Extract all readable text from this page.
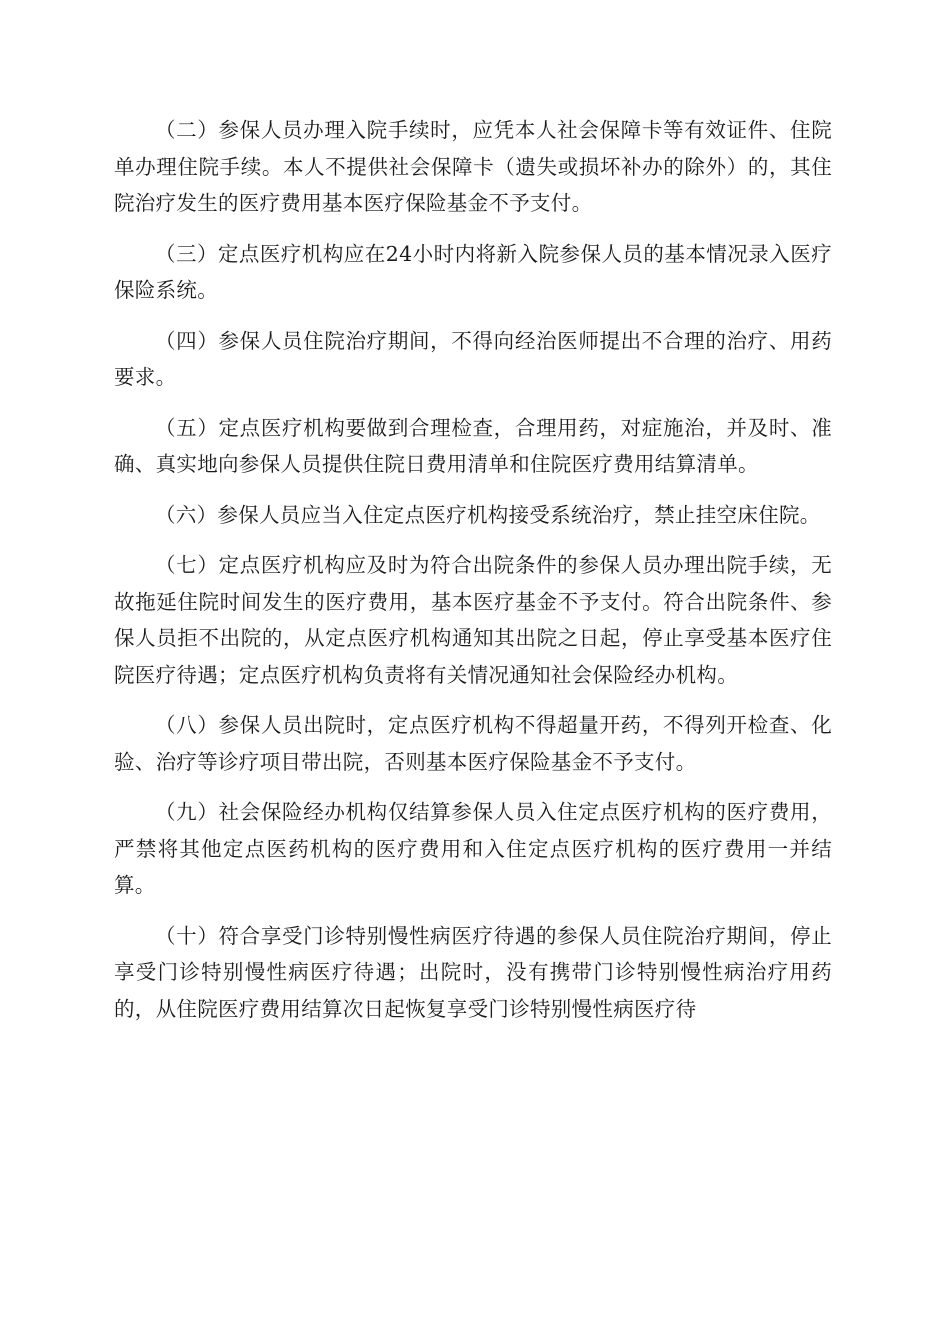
（二）参保人员办理入院手续时，应凭本人社会保障卡等有效证件、住院单办理住院手续。本人不提供社会保障卡（遗失或损坏补办的除外）的，其住院治疗发生的医疗费用基本医疗保险基金不予支付。

（三）定点医疗机构应在24小时内将新入院参保人员的基本情况录入医疗保险系统。

（四）参保人员住院治疗期间，不得向经治医师提出不合理的治疗、用药要求。

（五）定点医疗机构要做到合理检查，合理用药，对症施治，并及时、准确、真实地向参保人员提供住院日费用清单和住院医疗费用结算清单。

（六）参保人员应当入住定点医疗机构接受系统治疗，禁止挂空床住院。

（七）定点医疗机构应及时为符合出院条件的参保人员办理出院手续，无故拖延住院时间发生的医疗费用，基本医疗基金不予支付。符合出院条件、参保人员拒不出院的，从定点医疗机构通知其出院之日起，停止享受基本医疗住院医疗待遇；定点医疗机构负责将有关情况通知社会保险经办机构。

（八）参保人员出院时，定点医疗机构不得超量开药，不得列开检查、化验、治疗等诊疗项目带出院，否则基本医疗保险基金不予支付。

（九）社会保险经办机构仅结算参保人员入住定点医疗机构的医疗费用，严禁将其他定点医药机构的医疗费用和入住定点医疗机构的医疗费用一并结算。

（十）符合享受门诊特别慢性病医疗待遇的参保人员住院治疗期间，停止享受门诊特别慢性病医疗待遇；出院时，没有携带门诊特别慢性病治疗用药的，从住院医疗费用结算次日起恢复享受门诊特别慢性病医疗待
